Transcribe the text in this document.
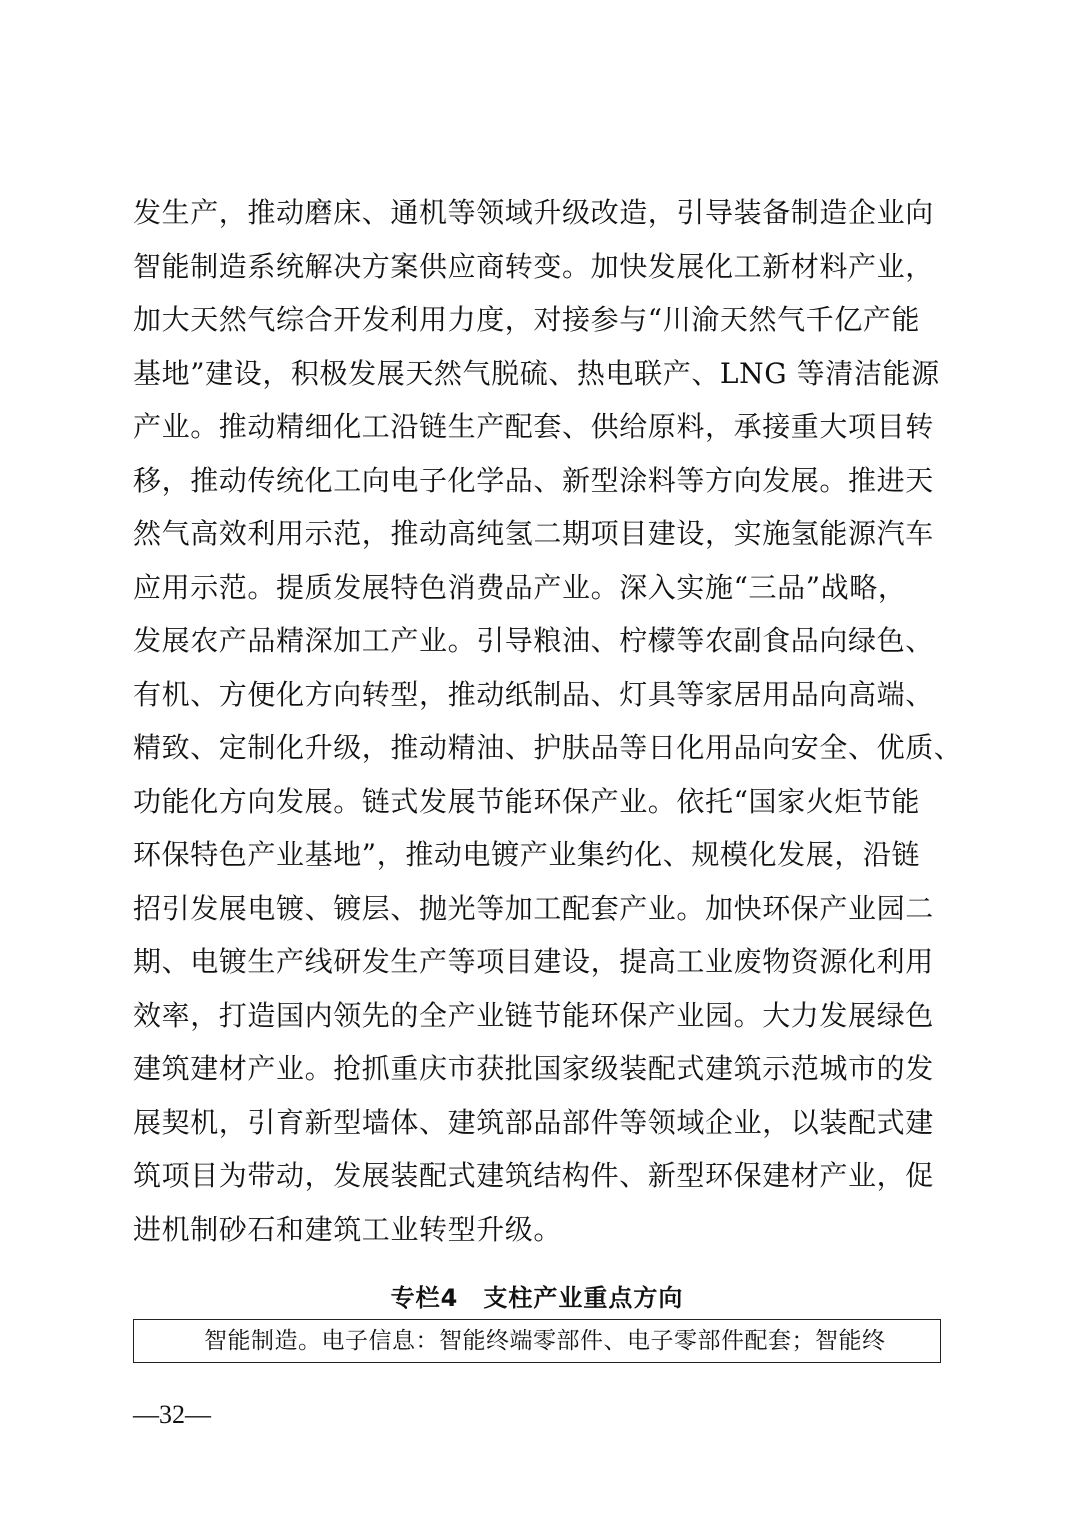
发生产，推动磨床、通机等领域升级改造，引导装备制造企业向
智能制造系统解决方案供应商转变。加快发展化工新材料产业，
加大天然气综合开发利用力度，对接参与“川渝天然气千亿产能
基地”建设，积极发展天然气脱硫、热电联产、LNG 等清洁能源
产业。推动精细化工沿链生产配套、供给原料，承接重大项目转
移，推动传统化工向电子化学品、新型涂料等方向发展。推进天
然气高效利用示范，推动高纯氢二期项目建设，实施氢能源汽车
应用示范。提质发展特色消费品产业。深入实施“三品”战略，
发展农产品精深加工产业。引导粮油、柠檬等农副食品向绿色、
有机、方便化方向转型，推动纸制品、灯具等家居用品向高端、
精致、定制化升级，推动精油、护肤品等日化用品向安全、优质、
功能化方向发展。链式发展节能环保产业。依托“国家火炬节能
环保特色产业基地”，推动电镀产业集约化、规模化发展，沿链
招引发展电镀、镀层、抛光等加工配套产业。加快环保产业园二
期、电镀生产线研发生产等项目建设，提高工业废物资源化利用
效率，打造国内领先的全产业链节能环保产业园。大力发展绿色
建筑建材产业。抢抓重庆市获批国家级装配式建筑示范城市的发
展契机，引育新型墙体、建筑部品部件等领域企业，以装配式建
筑项目为带动，发展装配式建筑结构件、新型环保建材产业，促
进机制砂石和建筑工业转型升级。
专栏4　支柱产业重点方向
智能制造。电子信息：智能终端零部件、电子零部件配套；智能终
—32—
